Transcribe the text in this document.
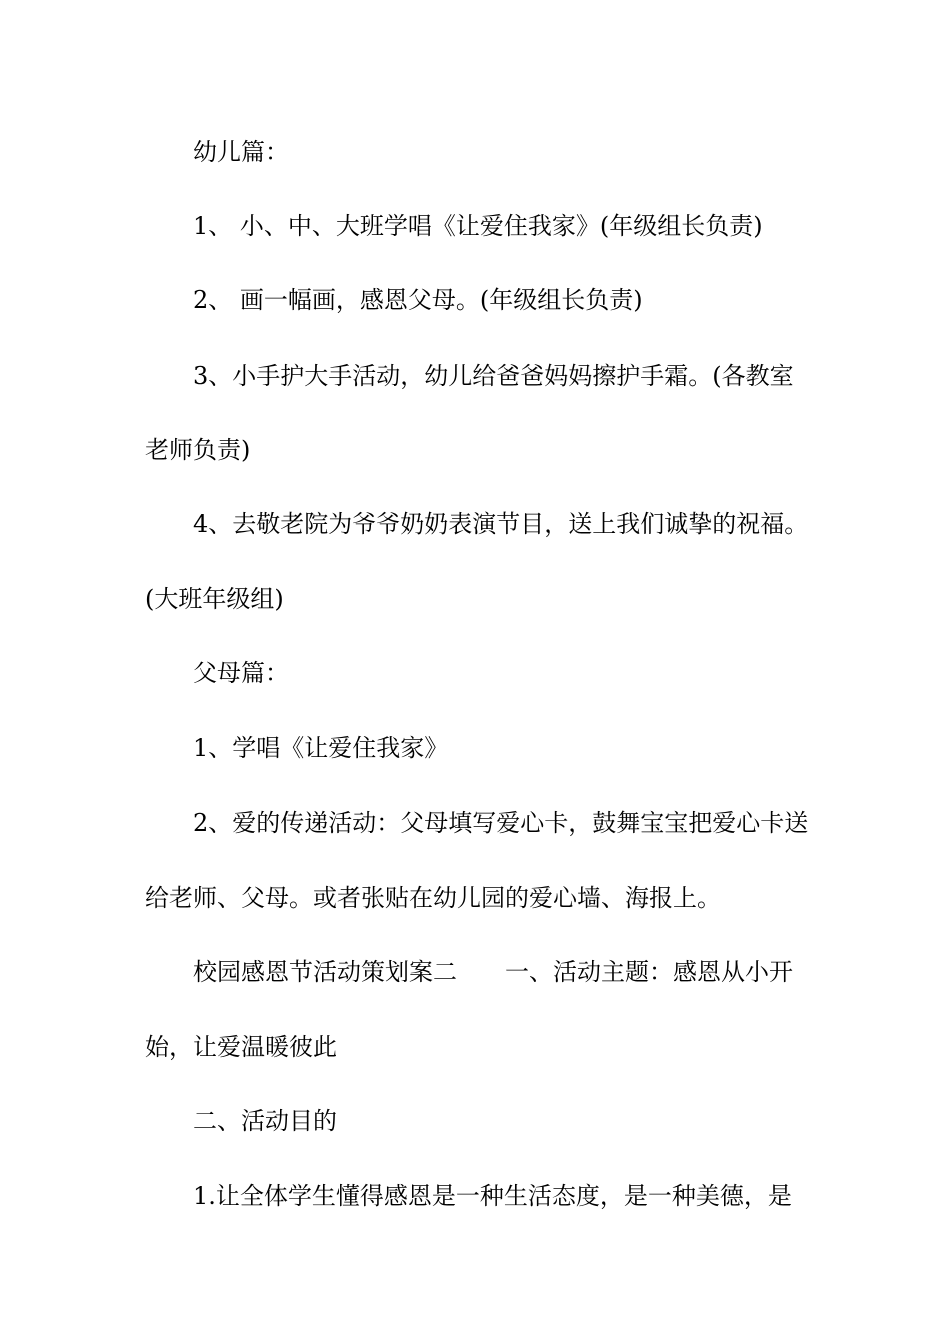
幼儿篇：
1、 小、中、大班学唱《让爱住我家》(年级组长负责)
2、 画一幅画，感恩父母。(年级组长负责)
3、小手护大手活动，幼儿给爸爸妈妈擦护手霜。(各教室
老师负责)
4、去敬老院为爷爷奶奶表演节目，送上我们诚挚的祝福。
(大班年级组)
父母篇：
1、学唱《让爱住我家》
2、爱的传递活动：父母填写爱心卡，鼓舞宝宝把爱心卡送
给老师、父母。或者张贴在幼儿园的爱心墙、海报上。
校园感恩节活动策划案二 一、活动主题：感恩从小开
始，让爱温暖彼此
二、活动目的
1.让全体学生懂得感恩是一种生活态度，是一种美德，是
